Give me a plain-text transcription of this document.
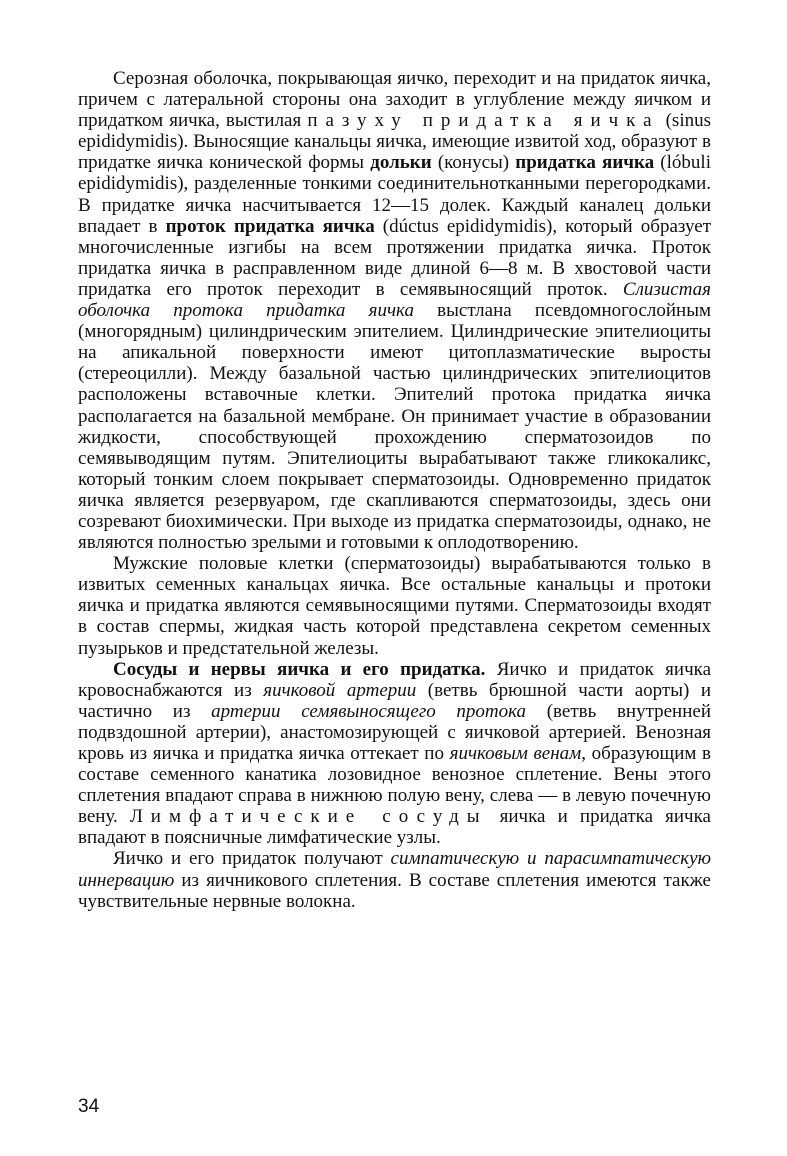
Серозная оболочка, покрывающая яичко, переходит и на придаток яичка, причем с латеральной стороны она заходит в углубление между яичком и придатком яичка, выстилая пазуху придатка яичка (sinus epididymidis). Выносящие канальцы яичка, имеющие извитой ход, образуют в придатке яичка конической формы дольки (конусы) придатка яичка (lóbuli epididymidis), разделенные тонкими соединительнотканными перегородками. В придатке яичка насчитывается 12—15 долек. Каждый каналец дольки впадает в проток придатка яичка (dúctus epididymidis), который образует многочисленные изгибы на всем протяжении придатка яичка. Проток придатка яичка в расправленном виде длиной 6—8 м. В хвостовой части придатка его проток переходит в семявыносящий проток. Слизистая оболочка протока придатка яичка выстлана псевдомногослойным (многорядным) цилиндрическим эпителием. Цилиндрические эпителиоциты на апикальной поверхности имеют цитоплазматические выросты (стереоцилли). Между базальной частью цилиндрических эпителиоцитов расположены вставочные клетки. Эпителий протока придатка яичка располагается на базальной мембране. Он принимает участие в образовании жидкости, способствующей прохождению сперматозоидов по семявыводящим путям. Эпителиоциты вырабатывают также гликокаликс, который тонким слоем покрывает сперматозоиды. Одновременно придаток яичка является резервуаром, где скапливаются сперматозоиды, здесь они созревают биохимически. При выходе из придатка сперматозоиды, однако, не являются полностью зрелыми и готовыми к оплодотворению.

Мужские половые клетки (сперматозоиды) вырабатываются только в извитых семенных канальцах яичка. Все остальные канальцы и протоки яичка и придатка являются семявыносящими путями. Сперматозоиды входят в состав спермы, жидкая часть которой представлена секретом семенных пузырьков и предстательной железы.

Сосуды и нервы яичка и его придатка. Яичко и придаток яичка кровоснабжаются из яичковой артерии (ветвь брюшной части аорты) и частично из артерии семявыносящего протока (ветвь внутренней подвздошной артерии), анастомозирующей с яичковой артерией. Венозная кровь из яичка и придатка яичка оттекает по яичковым венам, образующим в составе семенного канатика лозовидное венозное сплетение. Вены этого сплетения впадают справа в нижнюю полую вену, слева — в левую почечную вену. Лимфатические сосуды яичка и придатка яичка впадают в поясничные лимфатические узлы.

Яичко и его придаток получают симпатическую и парасимпатическую иннервацию из яичникового сплетения. В составе сплетения имеются также чувствительные нервные волокна.

34
